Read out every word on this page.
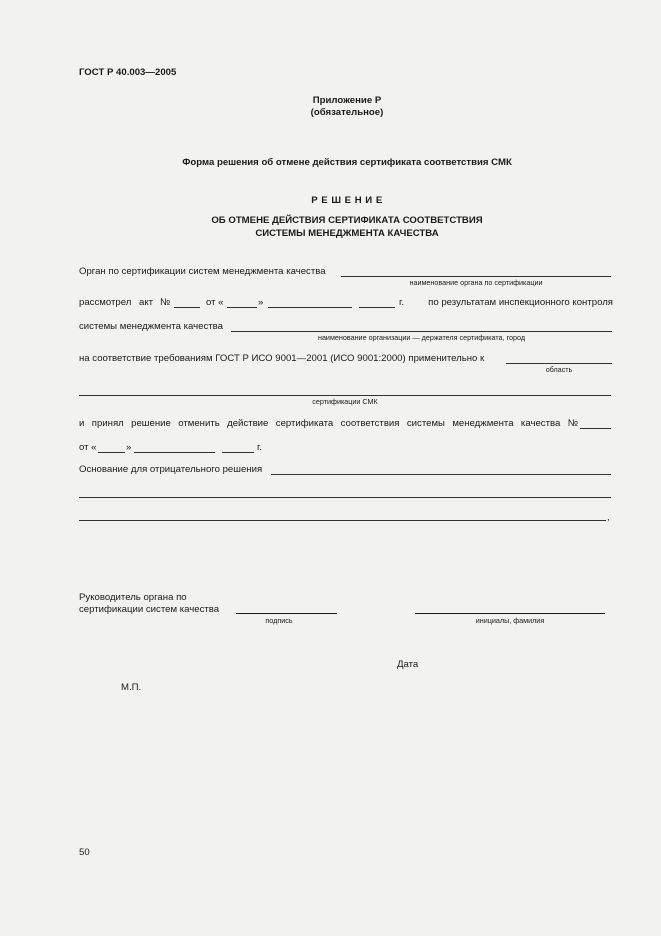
ГОСТ Р 40.003—2005
Приложение Р
(обязательное)
Форма решения об отмене действия сертификата соответствия СМК
Р Е Ш Е Н И Е
ОБ ОТМЕНЕ ДЕЙСТВИЯ СЕРТИФИКАТА СООТВЕТСТВИЯ
СИСТЕМЫ МЕНЕДЖМЕНТА КАЧЕСТВА
Орган по сертификации систем менеджмента качества
наименование органа по сертификации
рассмотрел акт №	от «	»	г.	по результатам инспекционного контроля
системы менеджмента качества
наименование организации — держателя сертификата, город
на соответствие требованиям ГОСТ Р ИСО 9001—2001 (ИСО 9001:2000) применительно к
область
сертификации СМК
и принял решение отменить действие сертификата соответствия системы менеджмента качества №
от «	»	г.
Основание для отрицательного решения
,
Руководитель органа по
сертификации систем качества
подпись	инициалы, фамилия
Дата
М.П.
50
